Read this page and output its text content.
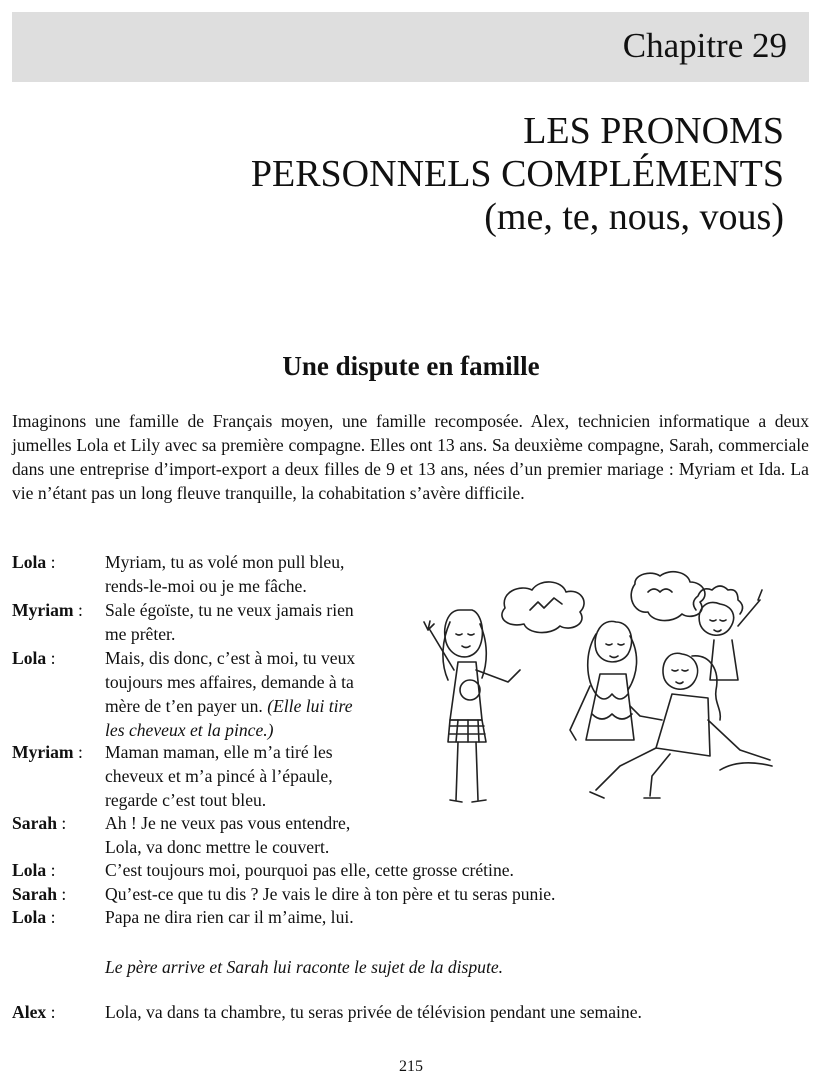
Chapitre 29
LES PRONOMS
PERSONNELS COMPLÉMENTS
(me, te, nous, vous)
Une dispute en famille
Imaginons une famille de Français moyen, une famille recomposée. Alex, technicien informatique a deux jumelles Lola et Lily avec sa première compagne. Elles ont 13 ans. Sa deuxième compagne, Sarah, commerciale dans une entreprise d’import-export a deux filles de 9 et 13 ans, nées d’un premier mariage : Myriam et Ida. La vie n’étant pas un long fleuve tranquille, la cohabitation s’avère difficile.
Lola :	Myriam, tu as volé mon pull bleu,
rends-le-moi ou je me fâche.
Myriam : Sale égoïste, tu ne veux jamais rien
me prêter.
Lola :	Mais, dis donc, c’est à moi, tu veux
toujours mes affaires, demande à ta
mère de t’en payer un. (Elle lui tire
les cheveux et la pince.)
Myriam : Maman maman, elle m’a tiré les
cheveux et m’a pincé à l’épaule,
regarde c’est tout bleu.
Sarah : Ah ! Je ne veux pas vous entendre,
Lola, va donc mettre le couvert.
Lola :	C’est toujours moi, pourquoi pas elle, cette grosse crétine.
Sarah : Qu’est-ce que tu dis ? Je vais le dire à ton père et tu seras punie.
Lola :	Papa ne dira rien car il m’aime, lui.
Le père arrive et Sarah lui raconte le sujet de la dispute.
Alex :	Lola, va dans ta chambre, tu seras privée de télévision pendant une semaine.
215
